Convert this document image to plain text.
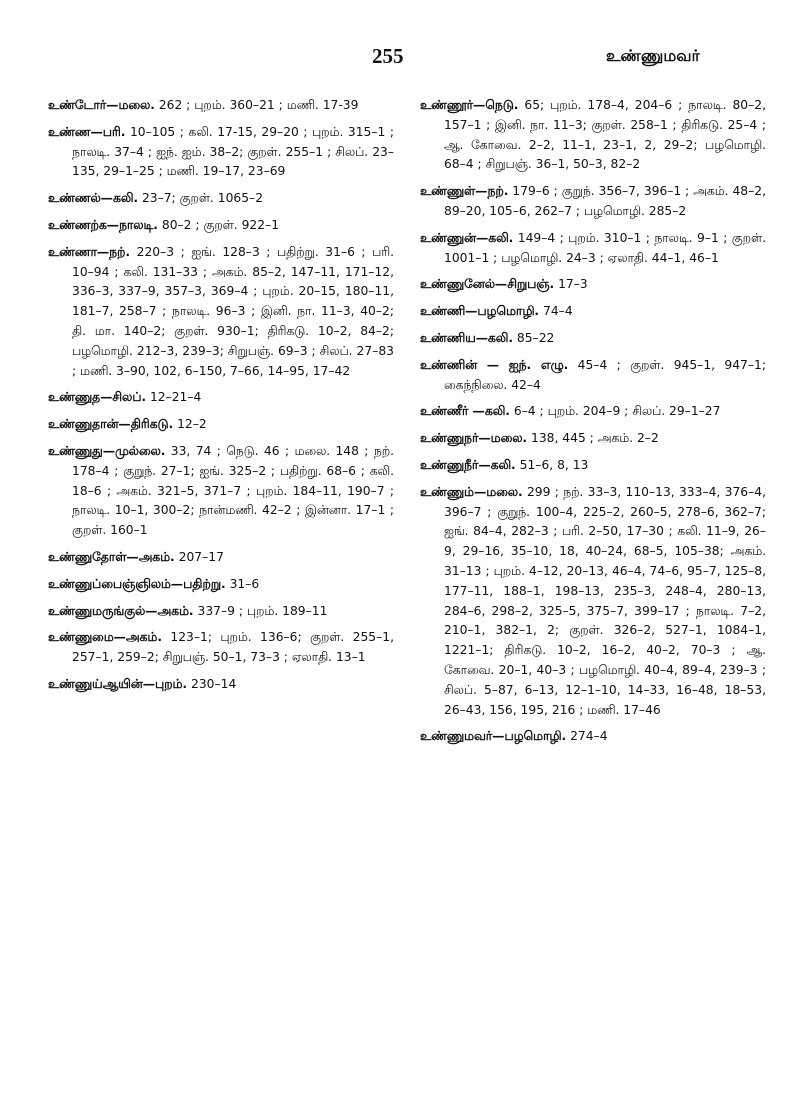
255	உண்ணுமவர்

உண்டோர்—மலை. 262 ; புறம். 360–21 ; மணி. 17-39

உண்ண—பரி. 10–105 ; கலி. 17-15, 29–20 ; புறம். 315–1 ; நாலடி. 37–4 ; ஐந். ஐம். 38–2; குறள். 255–1 ; சிலப். 23–135, 29–1–25 ; மணி. 19–17, 23–69

உண்ணல்—கலி. 23–7; குறள். 1065–2

உண்ணற்க—நாலடி. 80–2 ; குறள். 922–1

உண்ணா—நற். 220–3 ; ஐங். 128–3 ; பதிற்று. 31–6 ; பரி. 10–94 ; கலி. 131–33 ; அகம். 85–2, 147–11, 171–12, 336–3, 337–9, 357–3, 369–4 ; புறம். 20–15, 180–11, 181–7, 258–7 ; நாலடி. 96–3 ; இனி. நா. 11–3, 40–2; தி. மா. 140–2; குறள். 930–1; திரிகடு. 10–2, 84–2; பழமொழி. 212–3, 239–3; சிறுபஞ். 69–3 ; சிலப். 27–83 ; மணி. 3–90, 102, 6–150, 7–66, 14–95, 17–42

உண்ணுத—சிலப். 12–21–4

உண்ணுதான்—திரிகடு. 12–2

உண்ணுது—முல்லை. 33, 74 ; நெடு. 46 ; மலை. 148 ; நற். 178–4 ; குறுந். 27–1; ஐங். 325–2 ; பதிற்று. 68–6 ; கலி. 18–6 ; அகம். 321–5, 371–7 ; புறம். 184–11, 190–7 ; நாலடி. 10–1, 300–2; நான்மணி. 42–2 ; இன்னா. 17–1 ; குறள். 160–1

உண்ணுதோள்—அகம். 207–17

உண்ணுப்பைஞ்ஞிலம்—பதிற்று. 31–6

உண்ணுமருங்குல்—அகம். 337–9 ; புறம். 189–11

உண்ணுமை—அகம். 123–1; புறம். 136–6; குறள். 255–1, 257–1, 259–2; சிறுபஞ். 50–1, 73–3 ; ஏலாதி. 13–1

உண்ணுய்ஆயின்—புறம். 230–14

உண்ணூர்—நெடு. 65; புறம். 178–4, 204–6 ; நாலடி. 80–2, 157–1 ; இனி. நா. 11–3; குறள். 258–1 ; திரிகடு. 25–4 ; ஆ. கோவை. 2–2, 11–1, 23–1, 2, 29–2; பழமொழி. 68–4 ; சிறுபஞ். 36–1, 50–3, 82–2

உண்ணுள்—நற். 179–6 ; குறுந். 356–7, 396–1 ; அகம். 48–2, 89–20, 105–6, 262–7 ; பழமொழி. 285–2

உண்ணுன்—கலி. 149–4 ; புறம். 310–1 ; நாலடி. 9–1 ; குறள். 1001–1 ; பழமொழி. 24–3 ; ஏலாதி. 44–1, 46–1

உண்ணுனேல்—சிறுபஞ். 17–3

உண்ணி—பழமொழி. 74–4

உண்ணிய—கலி. 85–22

உண்ணின் — ஐந். எழு. 45–4 ; குறள். 945–1, 947–1; கைந்நிலை. 42–4

உண்ணீர் —கலி. 6–4 ; புறம். 204–9 ; சிலப். 29–1–27

உண்ணுநர்—மலை. 138, 445 ; அகம். 2–2

உண்ணுநீர்—கலி. 51–6, 8, 13

உண்ணும்—மலை. 299 ; நற். 33–3, 110–13, 333–4, 376–4, 396–7 ; குறுந். 100–4, 225–2, 260–5, 278–6, 362–7; ஐங். 84–4, 282–3 ; பரி. 2–50, 17–30 ; கலி. 11–9, 26–9, 29–16, 35–10, 18, 40–24, 68–5, 105–38; அகம். 31–13 ; புறம். 4–12, 20–13, 46–4, 74–6, 95–7, 125–8, 177–11, 188–1, 198–13, 235–3, 248–4, 280–13, 284–6, 298–2, 325–5, 375–7, 399–17 ; நாலடி. 7–2, 210–1, 382–1, 2; குறள். 326–2, 527–1, 1084–1, 1221–1; திரிகடு. 10–2, 16–2, 40–2, 70–3 ; ஆ. கோவை. 20–1, 40–3 ; பழமொழி. 40–4, 89–4, 239–3 ; சிலப். 5–87, 6–13, 12–1–10, 14–33, 16–48, 18–53, 26–43, 156, 195, 216 ; மணி. 17–46

உண்ணுமவர்—பழமொழி. 274–4
